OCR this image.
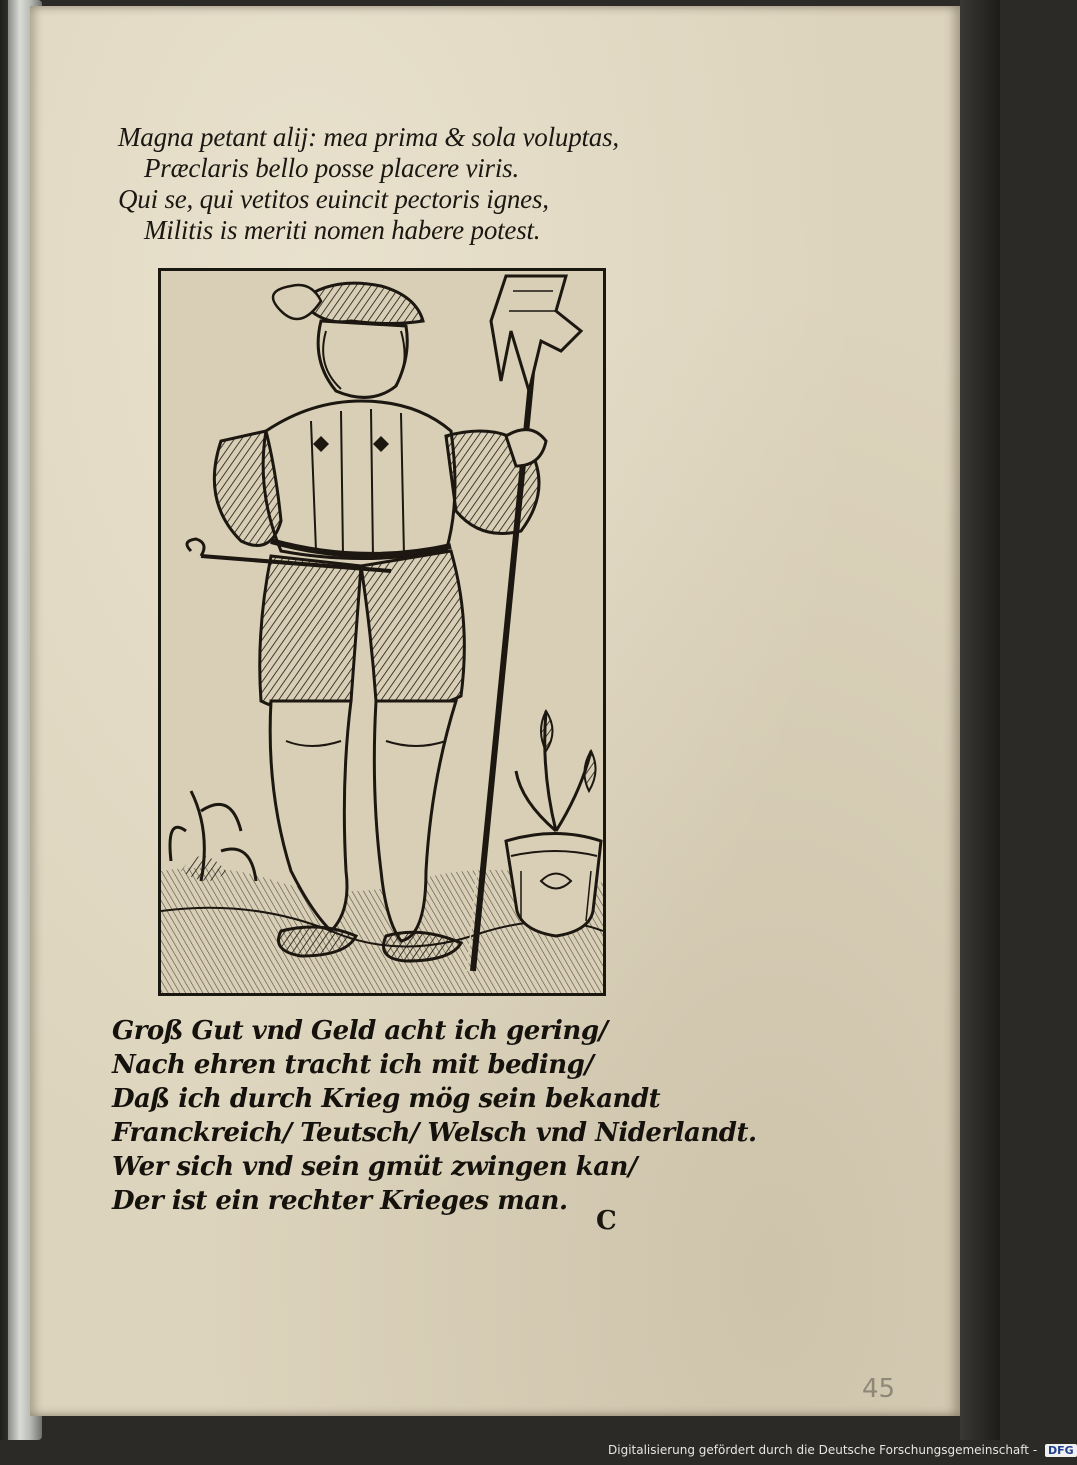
Magna petant alij: mea prima & sola voluptas,
Præclaris bello posse placere viris.
Qui se, qui vetitos euincit pectoris ignes,
Militis is meriti nomen habere potest.
Groß Gut vnd Geld acht ich gering/
Nach ehren tracht ich mit beding/
Daß ich durch Krieg mög sein bekandt
Franckreich/ Teutsch/ Welsch vnd Niderlandt.
Wer sich vnd sein gmüt zwingen kan/
Der ist ein rechter Krieges man.
C
45
Digitalisierung gefördert durch die Deutsche Forschungsgemeinschaft - DFG
